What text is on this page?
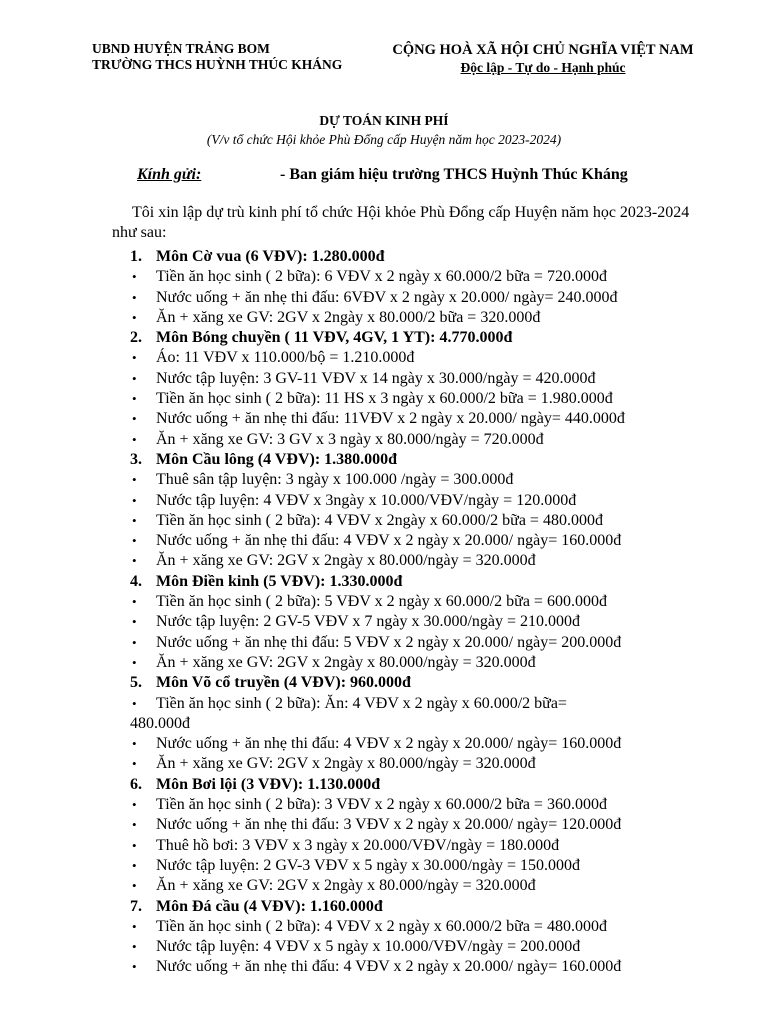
UBND HUYỆN TRẢNG BOM
TRƯỜNG THCS HUỲNH THÚC KHÁNG
CỘNG HOÀ XÃ HỘI CHỦ NGHĨA VIỆT NAM
Độc lập - Tự do - Hạnh phúc
DỰ TOÁN KINH PHÍ
(V/v tổ chức Hội khỏe Phù Đổng cấp Huyện năm học 2023-2024)
Kính gửi:	- Ban giám hiệu trường THCS Huỳnh Thúc Kháng
Tôi xin lập dự trù kinh phí tổ chức Hội khỏe Phù Đổng cấp Huyện năm học 2023-2024 như sau:
1. Môn Cờ vua (6 VĐV): 1.280.000đ
• Tiền ăn học sinh ( 2 bữa): 6 VĐV x 2 ngày x 60.000/2 bữa = 720.000đ
• Nước uống + ăn nhẹ thi đấu: 6VĐV x 2 ngày x 20.000/ ngày= 240.000đ
• Ăn + xăng xe GV: 2GV x 2ngày x 80.000/2 bữa = 320.000đ
2. Môn Bóng chuyền ( 11 VĐV, 4GV, 1 YT): 4.770.000đ
• Áo: 11 VĐV x 110.000/bộ = 1.210.000đ
• Nước tập luyện: 3 GV-11 VĐV x 14 ngày x 30.000/ngày = 420.000đ
• Tiền ăn học sinh ( 2 bữa): 11 HS x 3 ngày x 60.000/2 bữa = 1.980.000đ
• Nước uống + ăn nhẹ thi đấu: 11VĐV x 2 ngày x 20.000/ ngày= 440.000đ
• Ăn + xăng xe GV: 3 GV x 3 ngày x 80.000/ngày = 720.000đ
3. Môn Cầu lông (4 VĐV): 1.380.000đ
• Thuê sân tập luyện: 3 ngày x 100.000 /ngày = 300.000đ
• Nước tập luyện: 4 VĐV x 3ngày x 10.000/VĐV/ngày = 120.000đ
• Tiền ăn học sinh ( 2 bữa): 4 VĐV x 2ngày x 60.000/2 bữa = 480.000đ
• Nước uống + ăn nhẹ thi đấu: 4 VĐV x 2 ngày x 20.000/ ngày= 160.000đ
• Ăn + xăng xe GV: 2GV x 2ngày x 80.000/ngày = 320.000đ
4. Môn Điền kinh (5 VĐV): 1.330.000đ
• Tiền ăn học sinh ( 2 bữa): 5 VĐV x 2 ngày x 60.000/2 bữa = 600.000đ
• Nước tập luyện: 2 GV-5 VĐV x 7 ngày x 30.000/ngày = 210.000đ
• Nước uống + ăn nhẹ thi đấu: 5 VĐV x 2 ngày x 20.000/ ngày= 200.000đ
• Ăn + xăng xe GV: 2GV x 2ngày x 80.000/ngày = 320.000đ
5. Môn Võ cổ truyền (4 VĐV): 960.000đ
• Tiền ăn học sinh ( 2 bữa): Ăn: 4 VĐV x 2 ngày x 60.000/2 bữa=
480.000đ
• Nước uống + ăn nhẹ thi đấu: 4 VĐV x 2 ngày x 20.000/ ngày= 160.000đ
• Ăn + xăng xe GV: 2GV x 2ngày x 80.000/ngày = 320.000đ
6. Môn Bơi lội (3 VĐV): 1.130.000đ
• Tiền ăn học sinh ( 2 bữa): 3 VĐV x 2 ngày x 60.000/2 bữa = 360.000đ
• Nước uống + ăn nhẹ thi đấu: 3 VĐV x 2 ngày x 20.000/ ngày= 120.000đ
• Thuê hồ bơi: 3 VĐV x 3 ngày x 20.000/VĐV/ngày = 180.000đ
• Nước tập luyện: 2 GV-3 VĐV x 5 ngày x 30.000/ngày = 150.000đ
• Ăn + xăng xe GV: 2GV x 2ngày x 80.000/ngày = 320.000đ
7. Môn Đá cầu (4 VĐV): 1.160.000đ
• Tiền ăn học sinh ( 2 bữa): 4 VĐV x 2 ngày x 60.000/2 bữa = 480.000đ
• Nước tập luyện: 4 VĐV x 5 ngày x 10.000/VĐV/ngày = 200.000đ
• Nước uống + ăn nhẹ thi đấu: 4 VĐV x 2 ngày x 20.000/ ngày= 160.000đ
